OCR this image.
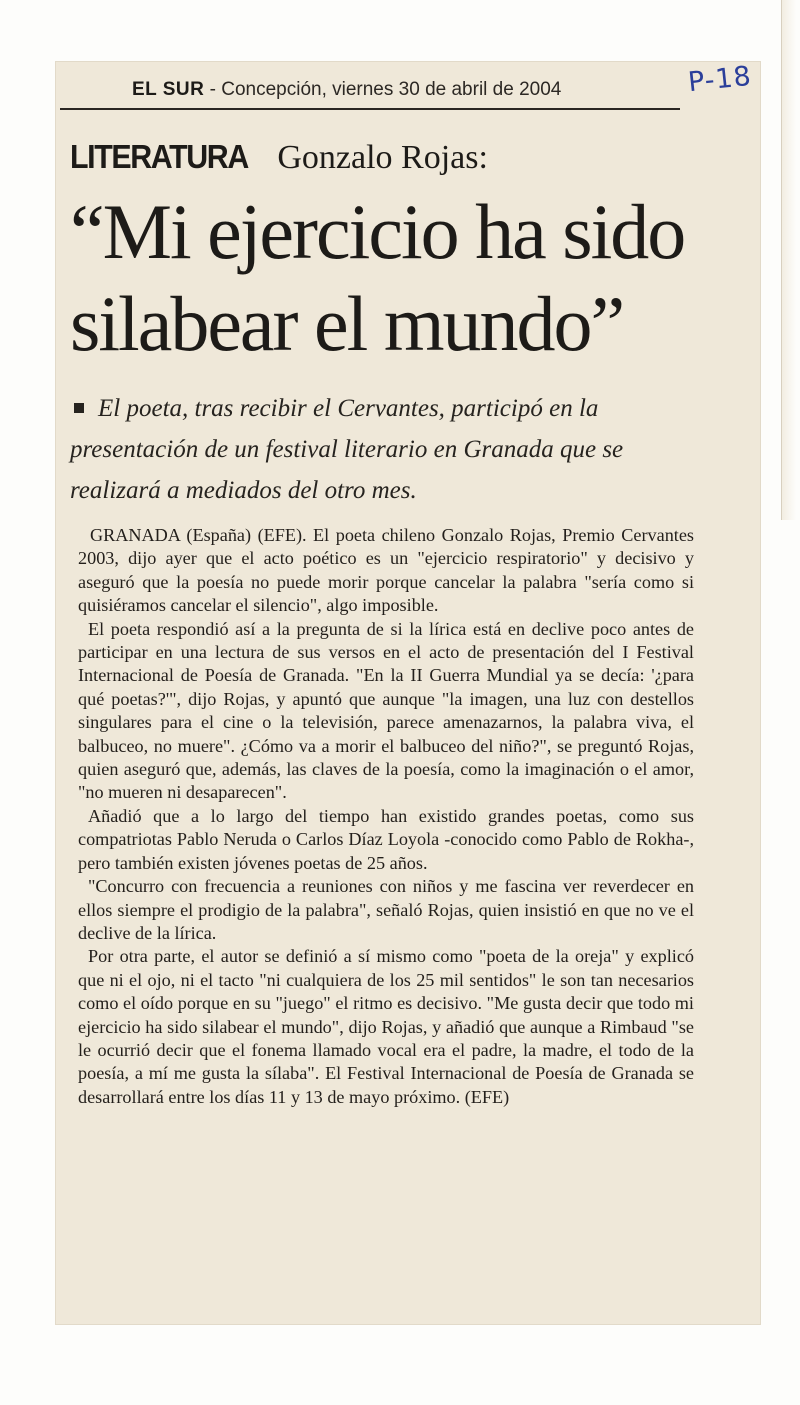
EL SUR - Concepción, viernes 30 de abril de 2004	P-18
LITERATURA Gonzalo Rojas:
“Mi ejercicio ha sido silabear el mundo”
El poeta, tras recibir el Cervantes, participó en la presentación de un festival literario en Granada que se realizará a mediados del otro mes.

GRANADA (España) (EFE). El poeta chileno Gonzalo Rojas, Premio Cervantes 2003, dijo ayer que el acto poético es un "ejercicio respiratorio" y decisivo y aseguró que la poesía no puede morir porque cancelar la palabra "sería como si quisiéramos cancelar el silencio", algo imposible.

El poeta respondió así a la pregunta de si la lírica está en declive poco antes de participar en una lectura de sus versos en el acto de presentación del I Festival Internacional de Poesía de Granada. "En la II Guerra Mundial ya se decía: '¿para qué poetas?'", dijo Rojas, y apuntó que aunque "la imagen, una luz con destellos singulares para el cine o la televisión, parece amenazarnos, la palabra viva, el balbuceo, no muere". ¿Cómo va a morir el balbuceo del niño?", se preguntó Rojas, quien aseguró que, además, las claves de la poesía, como la imaginación o el amor, "no mueren ni desaparecen".

Añadió que a lo largo del tiempo han existido grandes poetas, como sus compatriotas Pablo Neruda o Carlos Díaz Loyola -conocido como Pablo de Rokha-, pero también existen jóvenes poetas de 25 años.

"Concurro con frecuencia a reuniones con niños y me fascina ver reverdecer en ellos siempre el prodigio de la palabra", señaló Rojas, quien insistió en que no ve el declive de la lírica.

Por otra parte, el autor se definió a sí mismo como "poeta de la oreja" y explicó que ni el ojo, ni el tacto "ni cualquiera de los 25 mil sentidos" le son tan necesarios como el oído porque en su "juego" el ritmo es decisivo. "Me gusta decir que todo mi ejercicio ha sido silabear el mundo", dijo Rojas, y añadió que aunque a Rimbaud "se le ocurrió decir que el fonema llamado vocal era el padre, la madre, el todo de la poesía, a mí me gusta la sílaba". El Festival Internacional de Poesía de Granada se desarrollará entre los días 11 y 13 de mayo próximo. (EFE)
